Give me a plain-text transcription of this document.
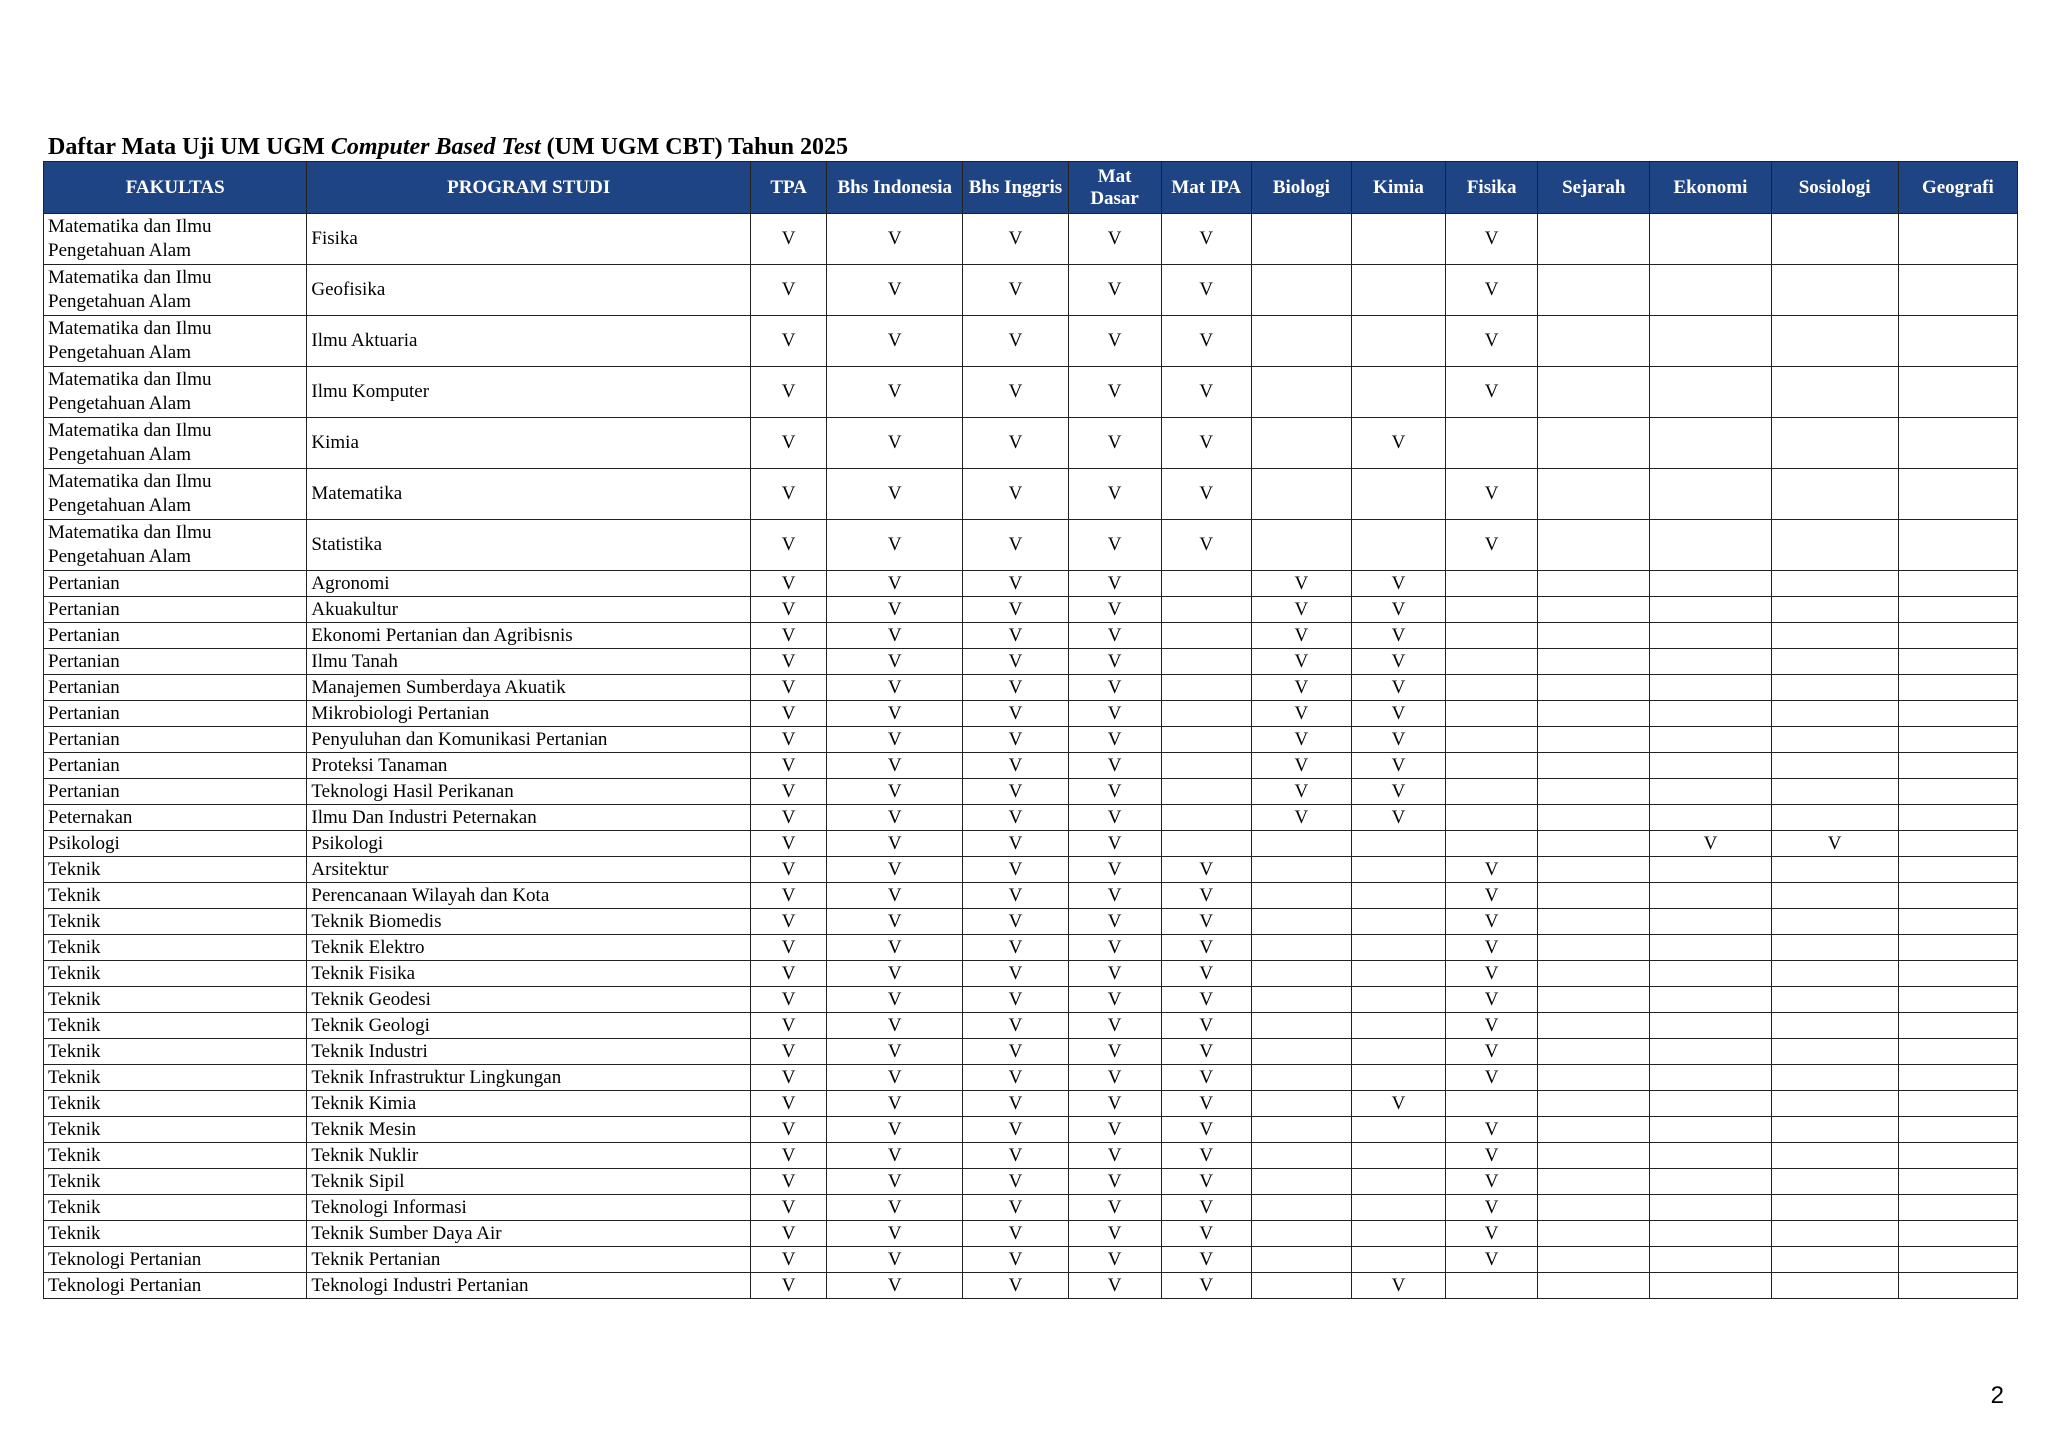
Daftar Mata Uji UM UGM Computer Based Test (UM UGM CBT) Tahun 2025
FAKULTAS	PROGRAM STUDI	TPA	Bhs Indonesia	Bhs Inggris	Mat Dasar	Mat IPA	Biologi	Kimia	Fisika	Sejarah	Ekonomi	Sosiologi	Geografi
Matematika dan Ilmu Pengetahuan Alam	Fisika	V	V	V	V	V			V				
Matematika dan Ilmu Pengetahuan Alam	Geofisika	V	V	V	V	V			V				
Matematika dan Ilmu Pengetahuan Alam	Ilmu Aktuaria	V	V	V	V	V			V				
Matematika dan Ilmu Pengetahuan Alam	Ilmu Komputer	V	V	V	V	V			V				
Matematika dan Ilmu Pengetahuan Alam	Kimia	V	V	V	V	V		V					
Matematika dan Ilmu Pengetahuan Alam	Matematika	V	V	V	V	V			V				
Matematika dan Ilmu Pengetahuan Alam	Statistika	V	V	V	V	V			V				
Pertanian	Agronomi	V	V	V	V		V	V					
Pertanian	Akuakultur	V	V	V	V		V	V					
Pertanian	Ekonomi Pertanian dan Agribisnis	V	V	V	V		V	V					
Pertanian	Ilmu Tanah	V	V	V	V		V	V					
Pertanian	Manajemen Sumberdaya Akuatik	V	V	V	V		V	V					
Pertanian	Mikrobiologi Pertanian	V	V	V	V		V	V					
Pertanian	Penyuluhan dan Komunikasi Pertanian	V	V	V	V		V	V					
Pertanian	Proteksi Tanaman	V	V	V	V		V	V					
Pertanian	Teknologi Hasil Perikanan	V	V	V	V		V	V					
Peternakan	Ilmu Dan Industri Peternakan	V	V	V	V		V	V					
Psikologi	Psikologi	V	V	V	V						V	V	
Teknik	Arsitektur	V	V	V	V	V			V				
Teknik	Perencanaan Wilayah dan Kota	V	V	V	V	V			V				
Teknik	Teknik Biomedis	V	V	V	V	V			V				
Teknik	Teknik Elektro	V	V	V	V	V			V				
Teknik	Teknik Fisika	V	V	V	V	V			V				
Teknik	Teknik Geodesi	V	V	V	V	V			V				
Teknik	Teknik Geologi	V	V	V	V	V			V				
Teknik	Teknik Industri	V	V	V	V	V			V				
Teknik	Teknik Infrastruktur Lingkungan	V	V	V	V	V			V				
Teknik	Teknik Kimia	V	V	V	V	V		V					
Teknik	Teknik Mesin	V	V	V	V	V			V				
Teknik	Teknik Nuklir	V	V	V	V	V			V				
Teknik	Teknik Sipil	V	V	V	V	V			V				
Teknik	Teknologi Informasi	V	V	V	V	V			V				
Teknik	Teknik Sumber Daya Air	V	V	V	V	V			V				
Teknologi Pertanian	Teknik Pertanian	V	V	V	V	V			V				
Teknologi Pertanian	Teknologi Industri Pertanian	V	V	V	V	V		V					
2
